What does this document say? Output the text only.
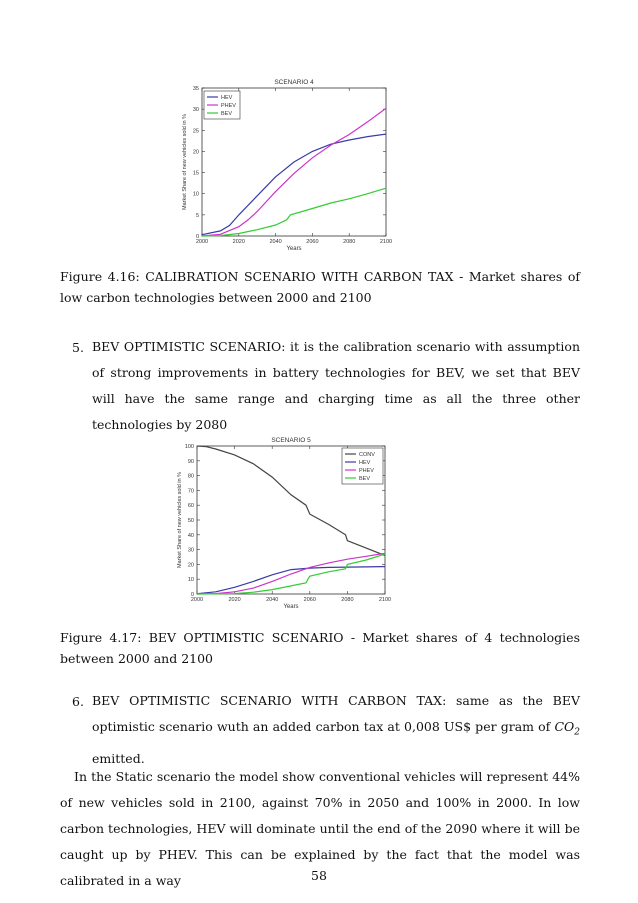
SCENARIO 4
0
5
10
15
20
25
30
35
2000	2020	2040	2060	2080	2100
Years
Market Share of new vehicles sold in %
HEV
PHEV
BEV
Figure 4.16: CALIBRATION SCENARIO WITH CARBON TAX - Market shares of low carbon technologies between 2000 and 2100
5. BEV OPTIMISTIC SCENARIO: it is the calibration scenario with assumption of strong improvements in battery technologies for BEV, we set that BEV will have the same range and charging time as all the three other technologies by 2080
SCENARIO 5
0
10
20
30
40
50
60
70
80
90
100
2000	2020	2040	2060	2080	2100
Years
Market Share of new vehicles sold in %
CONV
HEV
PHEV
BEV
Figure 4.17: BEV OPTIMISTIC SCENARIO - Market shares of 4 technologies between 2000 and 2100
6. BEV OPTIMISTIC SCENARIO WITH CARBON TAX: same as the BEV optimistic scenario wuth an added carbon tax at 0,008 US$ per gram of $CO_2$ emitted.
In the Static scenario the model show conventional vehicles will represent 44% of new vehicles sold in 2100, against 70% in 2050 and 100% in 2000. In low carbon technologies, HEV will dominate until the end of the 2090 where it will be caught up by PHEV. This can be explained by the fact that the model was calibrated in a way	58
